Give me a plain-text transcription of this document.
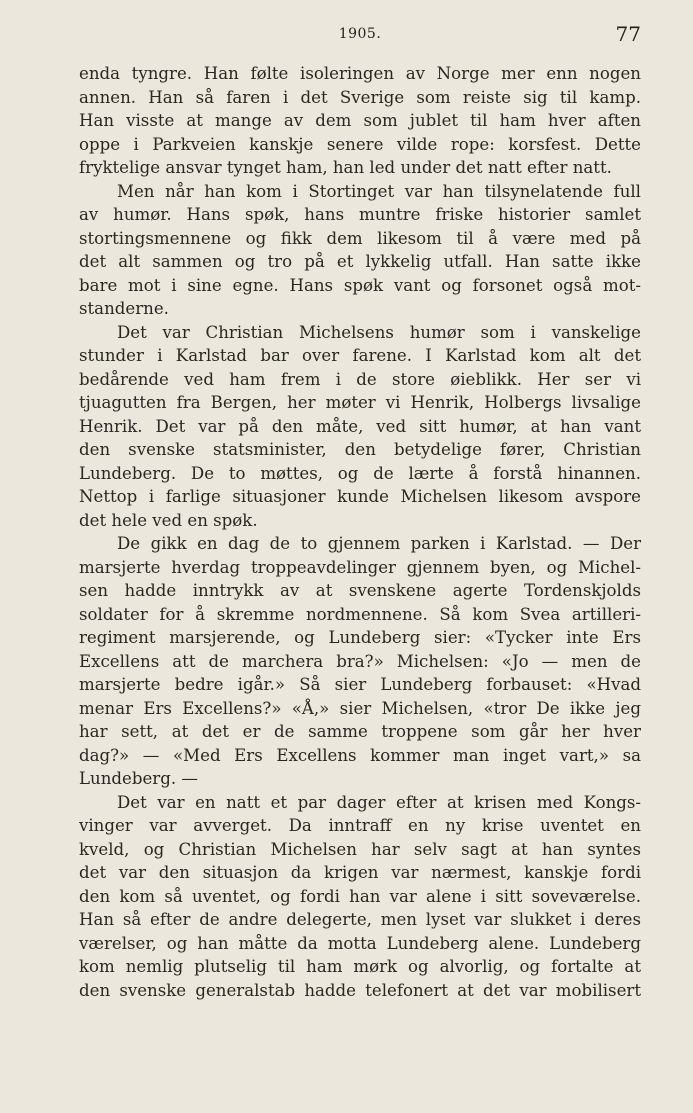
1905.	77
enda tyngre. Han følte isoleringen av Norge mer enn nogen
annen. Han så faren i det Sverige som reiste sig til kamp.
Han visste at mange av dem som jublet til ham hver aften
oppe i Parkveien kanskje senere vilde rope: korsfest. Dette
fryktelige ansvar tynget ham, han led under det natt efter natt.
Men når han kom i Stortinget var han tilsynelatende full
av humør. Hans spøk, hans muntre friske historier samlet
stortingsmennene og fikk dem likesom til å være med på
det alt sammen og tro på et lykkelig utfall. Han satte ikke
bare mot i sine egne. Hans spøk vant og forsonet også mot-
standerne.
Det var Christian Michelsens humør som i vanskelige
stunder i Karlstad bar over farene. I Karlstad kom alt det
bedårende ved ham frem i de store øieblikk. Her ser vi
tjuagutten fra Bergen, her møter vi Henrik, Holbergs livsalige
Henrik. Det var på den måte, ved sitt humør, at han vant
den svenske statsminister, den betydelige fører, Christian
Lundeberg. De to møttes, og de lærte å forstå hinannen.
Nettop i farlige situasjoner kunde Michelsen likesom avspore
det hele ved en spøk.
De gikk en dag de to gjennem parken i Karlstad. — Der
marsjerte hverdag troppeavdelinger gjennem byen, og Michel-
sen hadde inntrykk av at svenskene agerte Tordenskjolds
soldater for å skremme nordmennene. Så kom Svea artilleri-
regiment marsjerende, og Lundeberg sier: «Tycker inte Ers
Excellens att de marchera bra?» Michelsen: «Jo — men de
marsjerte bedre igår.» Så sier Lundeberg forbauset: «Hvad
menar Ers Excellens?» «Å,» sier Michelsen, «tror De ikke jeg
har sett, at det er de samme troppene som går her hver
dag?» — «Med Ers Excellens kommer man inget vart,» sa
Lundeberg. —
Det var en natt et par dager efter at krisen med Kongs-
vinger var avverget. Da inntraff en ny krise uventet en
kveld, og Christian Michelsen har selv sagt at han syntes
det var den situasjon da krigen var nærmest, kanskje fordi
den kom så uventet, og fordi han var alene i sitt soveværelse.
Han så efter de andre delegerte, men lyset var slukket i deres
værelser, og han måtte da motta Lundeberg alene. Lundeberg
kom nemlig plutselig til ham mørk og alvorlig, og fortalte at
den svenske generalstab hadde telefonert at det var mobilisert
